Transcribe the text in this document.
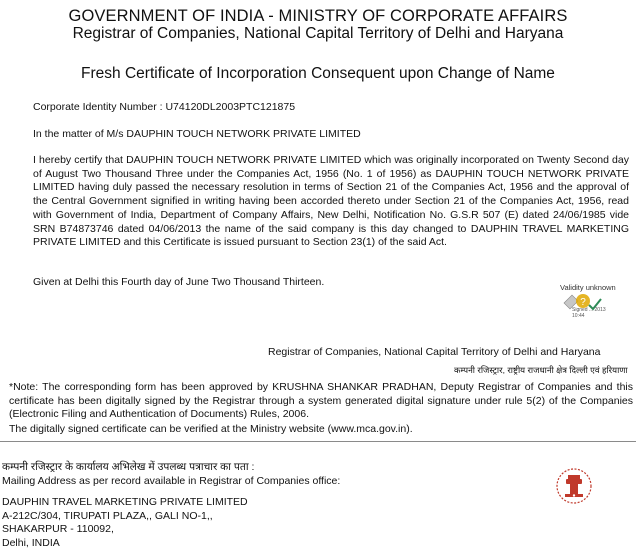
GOVERNMENT OF INDIA - MINISTRY OF CORPORATE AFFAIRS
Registrar of Companies, National Capital Territory of Delhi and Haryana
Fresh Certificate of Incorporation Consequent upon Change of Name
Corporate Identity Number : U74120DL2003PTC121875
In the matter of M/s DAUPHIN TOUCH NETWORK PRIVATE LIMITED
I hereby certify that DAUPHIN TOUCH NETWORK PRIVATE LIMITED which was originally incorporated on Twenty Second day of August Two Thousand Three under the Companies Act, 1956 (No. 1 of 1956) as DAUPHIN TOUCH NETWORK PRIVATE LIMITED having duly passed the necessary resolution in terms of Section 21 of the Companies Act, 1956 and the approval of the Central Government signified in writing having been accorded thereto under Section 21 of the Companies Act, 1956, read with Government of India, Department of Company Affairs, New Delhi, Notification No. G.S.R 507 (E) dated 24/06/1985 vide SRN B74873746 dated 04/06/2013 the name of the said company is this day changed to DAUPHIN TRAVEL MARKETING PRIVATE LIMITED and this Certificate is issued pursuant to Section 23(1) of the said Act.
Given at Delhi this Fourth day of June Two Thousand Thirteen.
?
Validity unknown
Signed ... 2013 10:44
Registrar of Companies, National Capital Territory of Delhi and Haryana
कम्पनी रजिस्ट्रार, राष्ट्रीय राजधानी क्षेत्र दिल्ली एवं हरियाणा
*Note: The corresponding form has been approved by KRUSHNA SHANKAR PRADHAN, Deputy Registrar of Companies and this certificate has been digitally signed by the Registrar through a system generated digital signature under rule 5(2) of the Companies (Electronic Filing and Authentication of Documents) Rules, 2006.
The digitally signed certificate can be verified at the Ministry website (www.mca.gov.in).
कम्पनी रजिस्ट्रार के कार्यालय अभिलेख में उपलब्ध पत्राचार का पता :
Mailing Address as per record available in Registrar of Companies office:
DAUPHIN TRAVEL MARKETING PRIVATE LIMITED
A-212C/304, TIRUPATI PLAZA,, GALI NO-1,,
SHAKARPUR - 110092,
Delhi, INDIA
